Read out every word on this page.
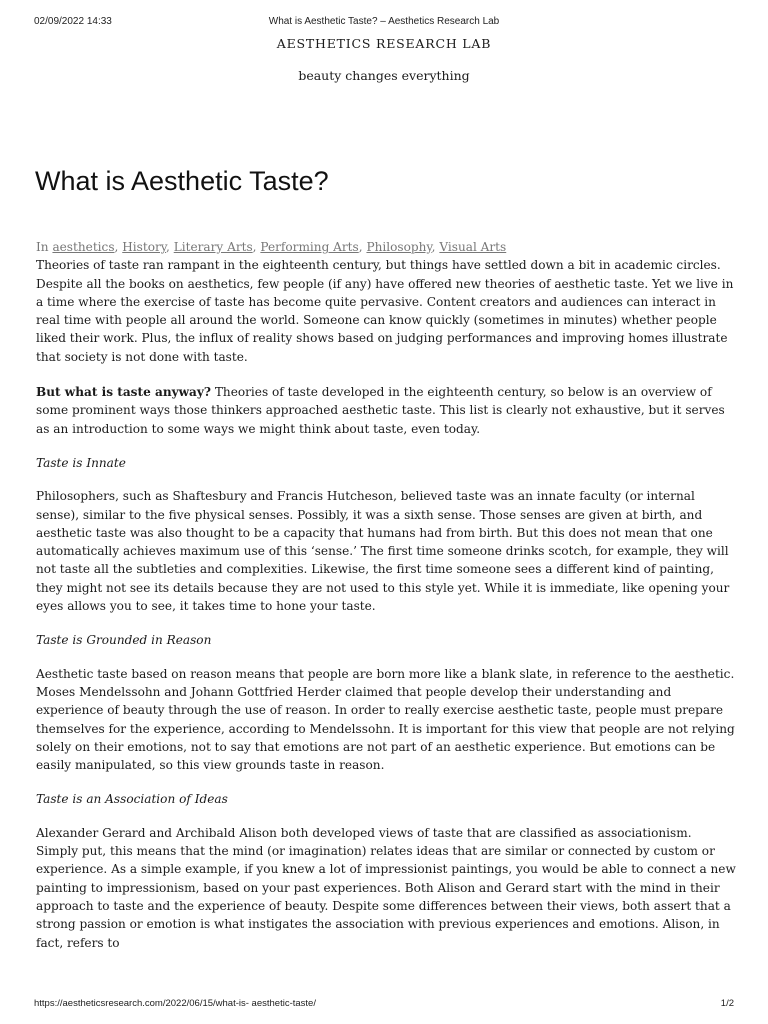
02/09/2022 14:33	What is Aesthetic Taste? – Aesthetics Research Lab
AESTHETICS RESEARCH LAB
beauty changes everything
What is Aesthetic Taste?
In aesthetics, History, Literary Arts, Performing Arts, Philosophy, Visual Arts

Theories of taste ran rampant in the eighteenth century, but things have settled down a bit in academic circles. Despite all the books on aesthetics, few people (if any) have offered new theories of aesthetic taste. Yet we live in a time where the exercise of taste has become quite pervasive. Content creators and audiences can interact in real time with people all around the world. Someone can know quickly (sometimes in minutes) whether people liked their work. Plus, the influx of reality shows based on judging performances and improving homes illustrate that society is not done with taste.

But what is taste anyway? Theories of taste developed in the eighteenth century, so below is an overview of some prominent ways those thinkers approached aesthetic taste. This list is clearly not exhaustive, but it serves as an introduction to some ways we might think about taste, even today.

Taste is Innate

Philosophers, such as Shaftesbury and Francis Hutcheson, believed taste was an innate faculty (or internal sense), similar to the five physical senses. Possibly, it was a sixth sense. Those senses are given at birth, and aesthetic taste was also thought to be a capacity that humans had from birth. But this does not mean that one automatically achieves maximum use of this ‘sense.’ The first time someone drinks scotch, for example, they will not taste all the subtleties and complexities. Likewise, the first time someone sees a different kind of painting, they might not see its details because they are not used to this style yet. While it is immediate, like opening your eyes allows you to see, it takes time to hone your taste.

Taste is Grounded in Reason

Aesthetic taste based on reason means that people are born more like a blank slate, in reference to the aesthetic. Moses Mendelssohn and Johann Gottfried Herder claimed that people develop their understanding and experience of beauty through the use of reason. In order to really exercise aesthetic taste, people must prepare themselves for the experience, according to Mendelssohn. It is important for this view that people are not relying solely on their emotions, not to say that emotions are not part of an aesthetic experience. But emotions can be easily manipulated, so this view grounds taste in reason.

Taste is an Association of Ideas

Alexander Gerard and Archibald Alison both developed views of taste that are classified as associationism. Simply put, this means that the mind (or imagination) relates ideas that are similar or connected by custom or experience. As a simple example, if you knew a lot of impressionist paintings, you would be able to connect a new painting to impressionism, based on your past experiences. Both Alison and Gerard start with the mind in their approach to taste and the experience of beauty. Despite some differences between their views, both assert that a strong passion or emotion is what instigates the association with previous experiences and emotions. Alison, in fact, refers to

https://aestheticsresearch.com/2022/06/15/what-is- aesthetic-taste/	1/2
